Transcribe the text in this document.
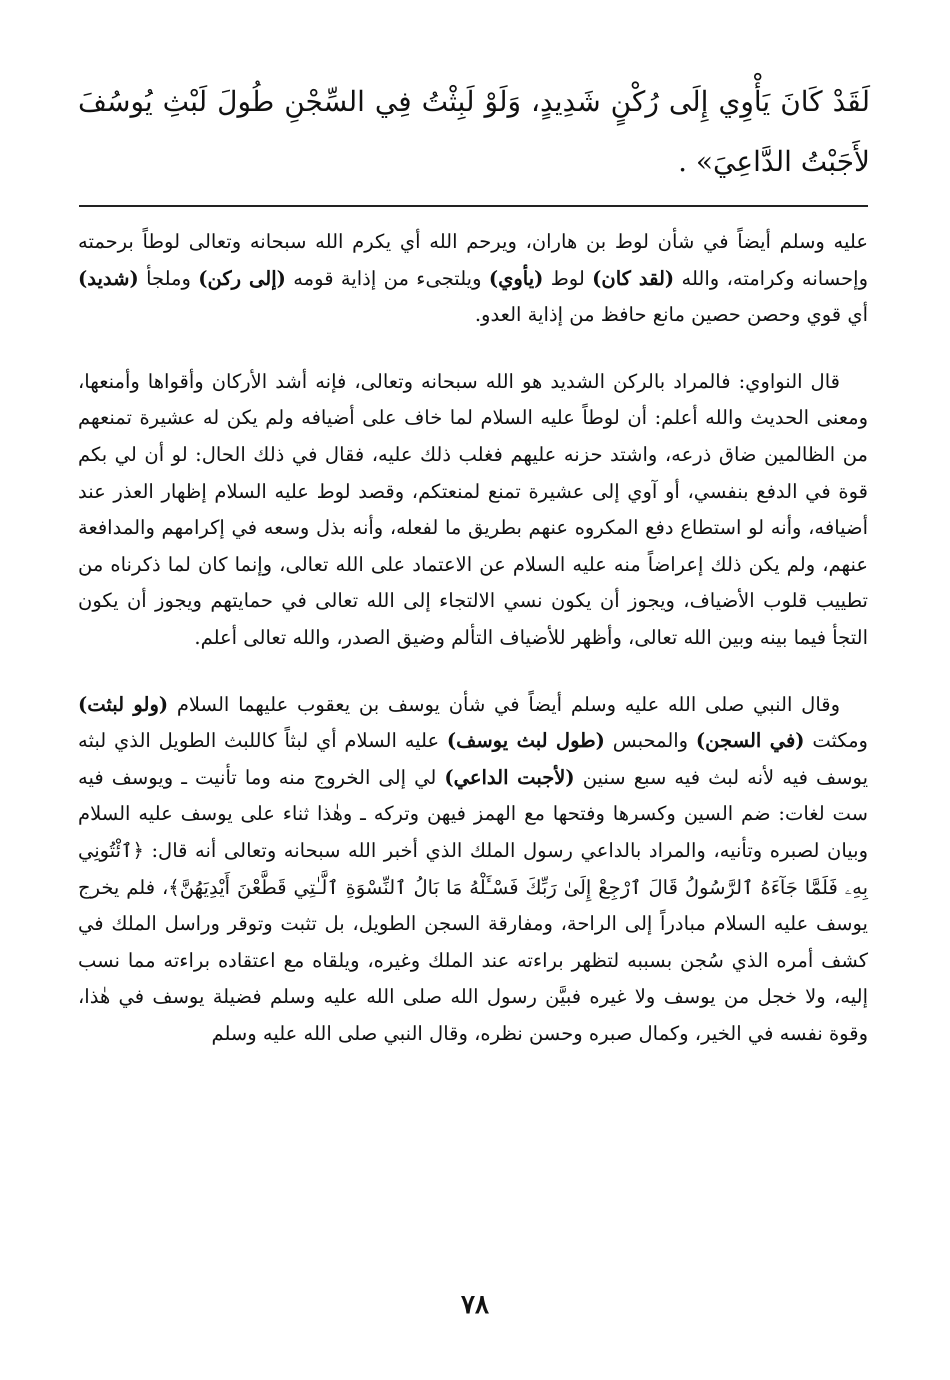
لَقَدْ كَانَ يَأْوِي إِلَى رُكْنٍ شَدِيدٍ، وَلَوْ لَبِثْتُ فِي السِّجْنِ طُولَ لَبْثِ يُوسُفَ لأَجَبْتُ الدَّاعِيَ» .

عليه وسلم أيضاً في شأن لوط بن هاران، ويرحم الله أي يكرم الله سبحانه وتعالى لوطاً برحمته وإحسانه وكرامته، والله (لقد كان) لوط (يأوي) ويلتجىء من إذاية قومه (إلى ركن) وملجأ (شديد) أي قوي وحصن حصين مانع حافظ من إذاية العدو.

قال النواوي: فالمراد بالركن الشديد هو الله سبحانه وتعالى، فإنه أشد الأركان وأقواها وأمنعها، ومعنى الحديث والله أعلم: أن لوطاً عليه السلام لما خاف على أضيافه ولم يكن له عشيرة تمنعهم من الظالمين ضاق ذرعه، واشتد حزنه عليهم فغلب ذلك عليه، فقال في ذلك الحال: لو أن لي بكم قوة في الدفع بنفسي، أو آوي إلى عشيرة تمنع لمنعتكم، وقصد لوط عليه السلام إظهار العذر عند أضيافه، وأنه لو استطاع دفع المكروه عنهم بطريق ما لفعله، وأنه بذل وسعه في إكرامهم والمدافعة عنهم، ولم يكن ذلك إعراضاً منه عليه السلام عن الاعتماد على الله تعالى، وإنما كان لما ذكرناه من تطييب قلوب الأضياف، ويجوز أن يكون نسي الالتجاء إلى الله تعالى في حمايتهم ويجوز أن يكون التجأ فيما بينه وبين الله تعالى، وأظهر للأضياف التألم وضيق الصدر، والله تعالى أعلم.

وقال النبي صلى الله عليه وسلم أيضاً في شأن يوسف بن يعقوب عليهما السلام (ولو لبثت) ومكثت (في السجن) والمحبس (طول لبث يوسف) عليه السلام أي لبثاً كاللبث الطويل الذي لبثه يوسف فيه لأنه لبث فيه سبع سنين (لأجبت الداعي) لي إلى الخروج منه وما تأنيت ـ ويوسف فيه ست لغات: ضم السين وكسرها وفتحها مع الهمز فيهن وتركه ـ وهٰذا ثناء على يوسف عليه السلام وبيان لصبره وتأنيه، والمراد بالداعي رسول الملك الذي أخبر الله سبحانه وتعالى أنه قال: ﴿ٱئْتُونِي بِهِۦ فَلَمَّا جَآءَهُ ٱلرَّسُولُ قَالَ ٱرْجِعْ إِلَىٰ رَبِّكَ فَسْـَٔلْهُ مَا بَالُ ٱلنِّسْوَةِ ٱلَّـٰتِي قَطَّعْنَ أَيْدِيَهُنَّ﴾، فلم يخرج يوسف عليه السلام مبادراً إلى الراحة، ومفارقة السجن الطويل، بل تثبت وتوقر وراسل الملك في كشف أمره الذي سُجن بسببه لتظهر براءته عند الملك وغيره، ويلقاه مع اعتقاده براءته مما نسب إليه، ولا خجل من يوسف ولا غيره فبيَّن رسول الله صلى الله عليه وسلم فضيلة يوسف في هٰذا، وقوة نفسه في الخير، وكمال صبره وحسن نظره، وقال النبي صلى الله عليه وسلم

٧٨
